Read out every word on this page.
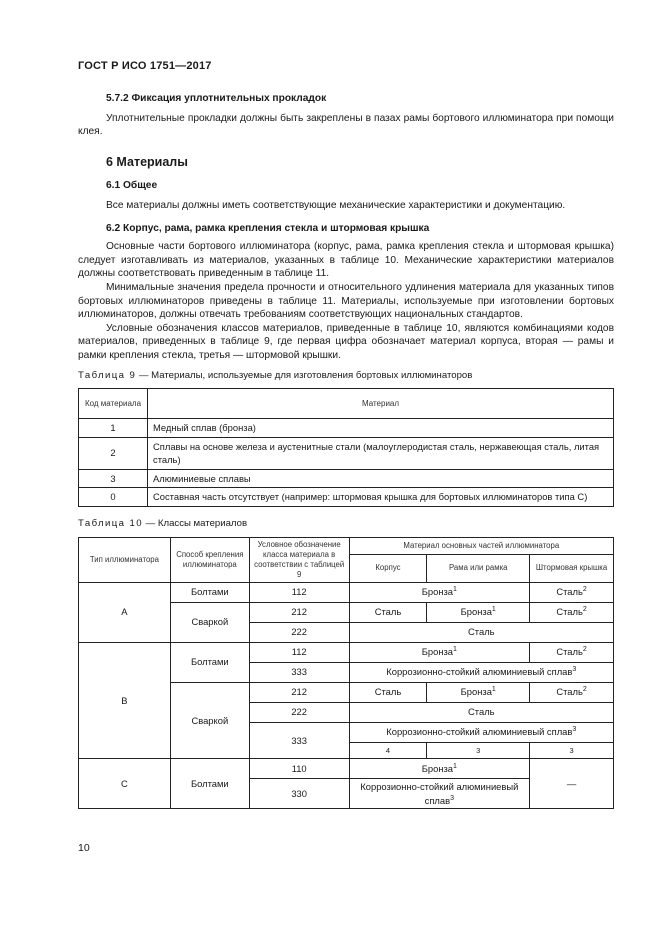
ГОСТ Р ИСО 1751—2017
5.7.2 Фиксация уплотнительных прокладок

Уплотнительные прокладки должны быть закреплены в пазах рамы бортового иллюминатора при помощи клея.

6 Материалы
6.1 Общее

Все материалы должны иметь соответствующие механические характеристики и документацию.

6.2 Корпус, рама, рамка крепления стекла и штормовая крышка

Основные части бортового иллюминатора (корпус, рама, рамка крепления стекла и штормовая крышка) следует изготавливать из материалов, указанных в таблице 10. Механические характеристики материалов должны соответствовать приведенным в таблице 11.

Минимальные значения предела прочности и относительного удлинения материала для указанных типов бортовых иллюминаторов приведены в таблице 11. Материалы, используемые при изготовлении бортовых иллюминаторов, должны отвечать требованиям соответствующих национальных стандартов.

Условные обозначения классов материалов, приведенные в таблице 10, являются комбинациями кодов материалов, приведенных в таблице 9, где первая цифра обозначает материал корпуса, вторая — рамы и рамки крепления стекла, третья — штормовой крышки.

Таблица 9 — Материалы, используемые для изготовления бортовых иллюминаторов
Код материала	Материал
1	Медный сплав (бронза)
2	Сплавы на основе железа и аустенитные стали (малоуглеродистая сталь, нержавеющая сталь, литая сталь)
3	Алюминиевые сплавы
0	Составная часть отсутствует (например: штормовая крышка для бортовых иллюминаторов типа С)
Таблица 10 — Классы материалов
Тип иллюминатора	Способ крепления иллюминатора	Условное обозначение класса материала в соответствии с таблицей 9	Материал основных частей иллюминатора		
			Корпус	Рама или рамка	Штормовая крышка
А	Болтами	112	Бронза$^1$		Сталь$^2$
	Сваркой	212	Сталь	Бронза$^1$	Сталь$^2$
		222	Сталь		
B	Болтами	112	Бронза$^1$		Сталь$^2$
		333	Коррозионно-стойкий алюминиевый сплав$^3$
	Сваркой	212	Сталь	Бронза$^1$	Сталь$^2$
		222	Сталь		
		333	Коррозионно-стойкий алюминиевый сплав$^3$
			4	3	3
C	Болтами	110	Бронза$^1$		—
		330	Коррозионно-стойкий алюминиевый сплав$^3$
10
